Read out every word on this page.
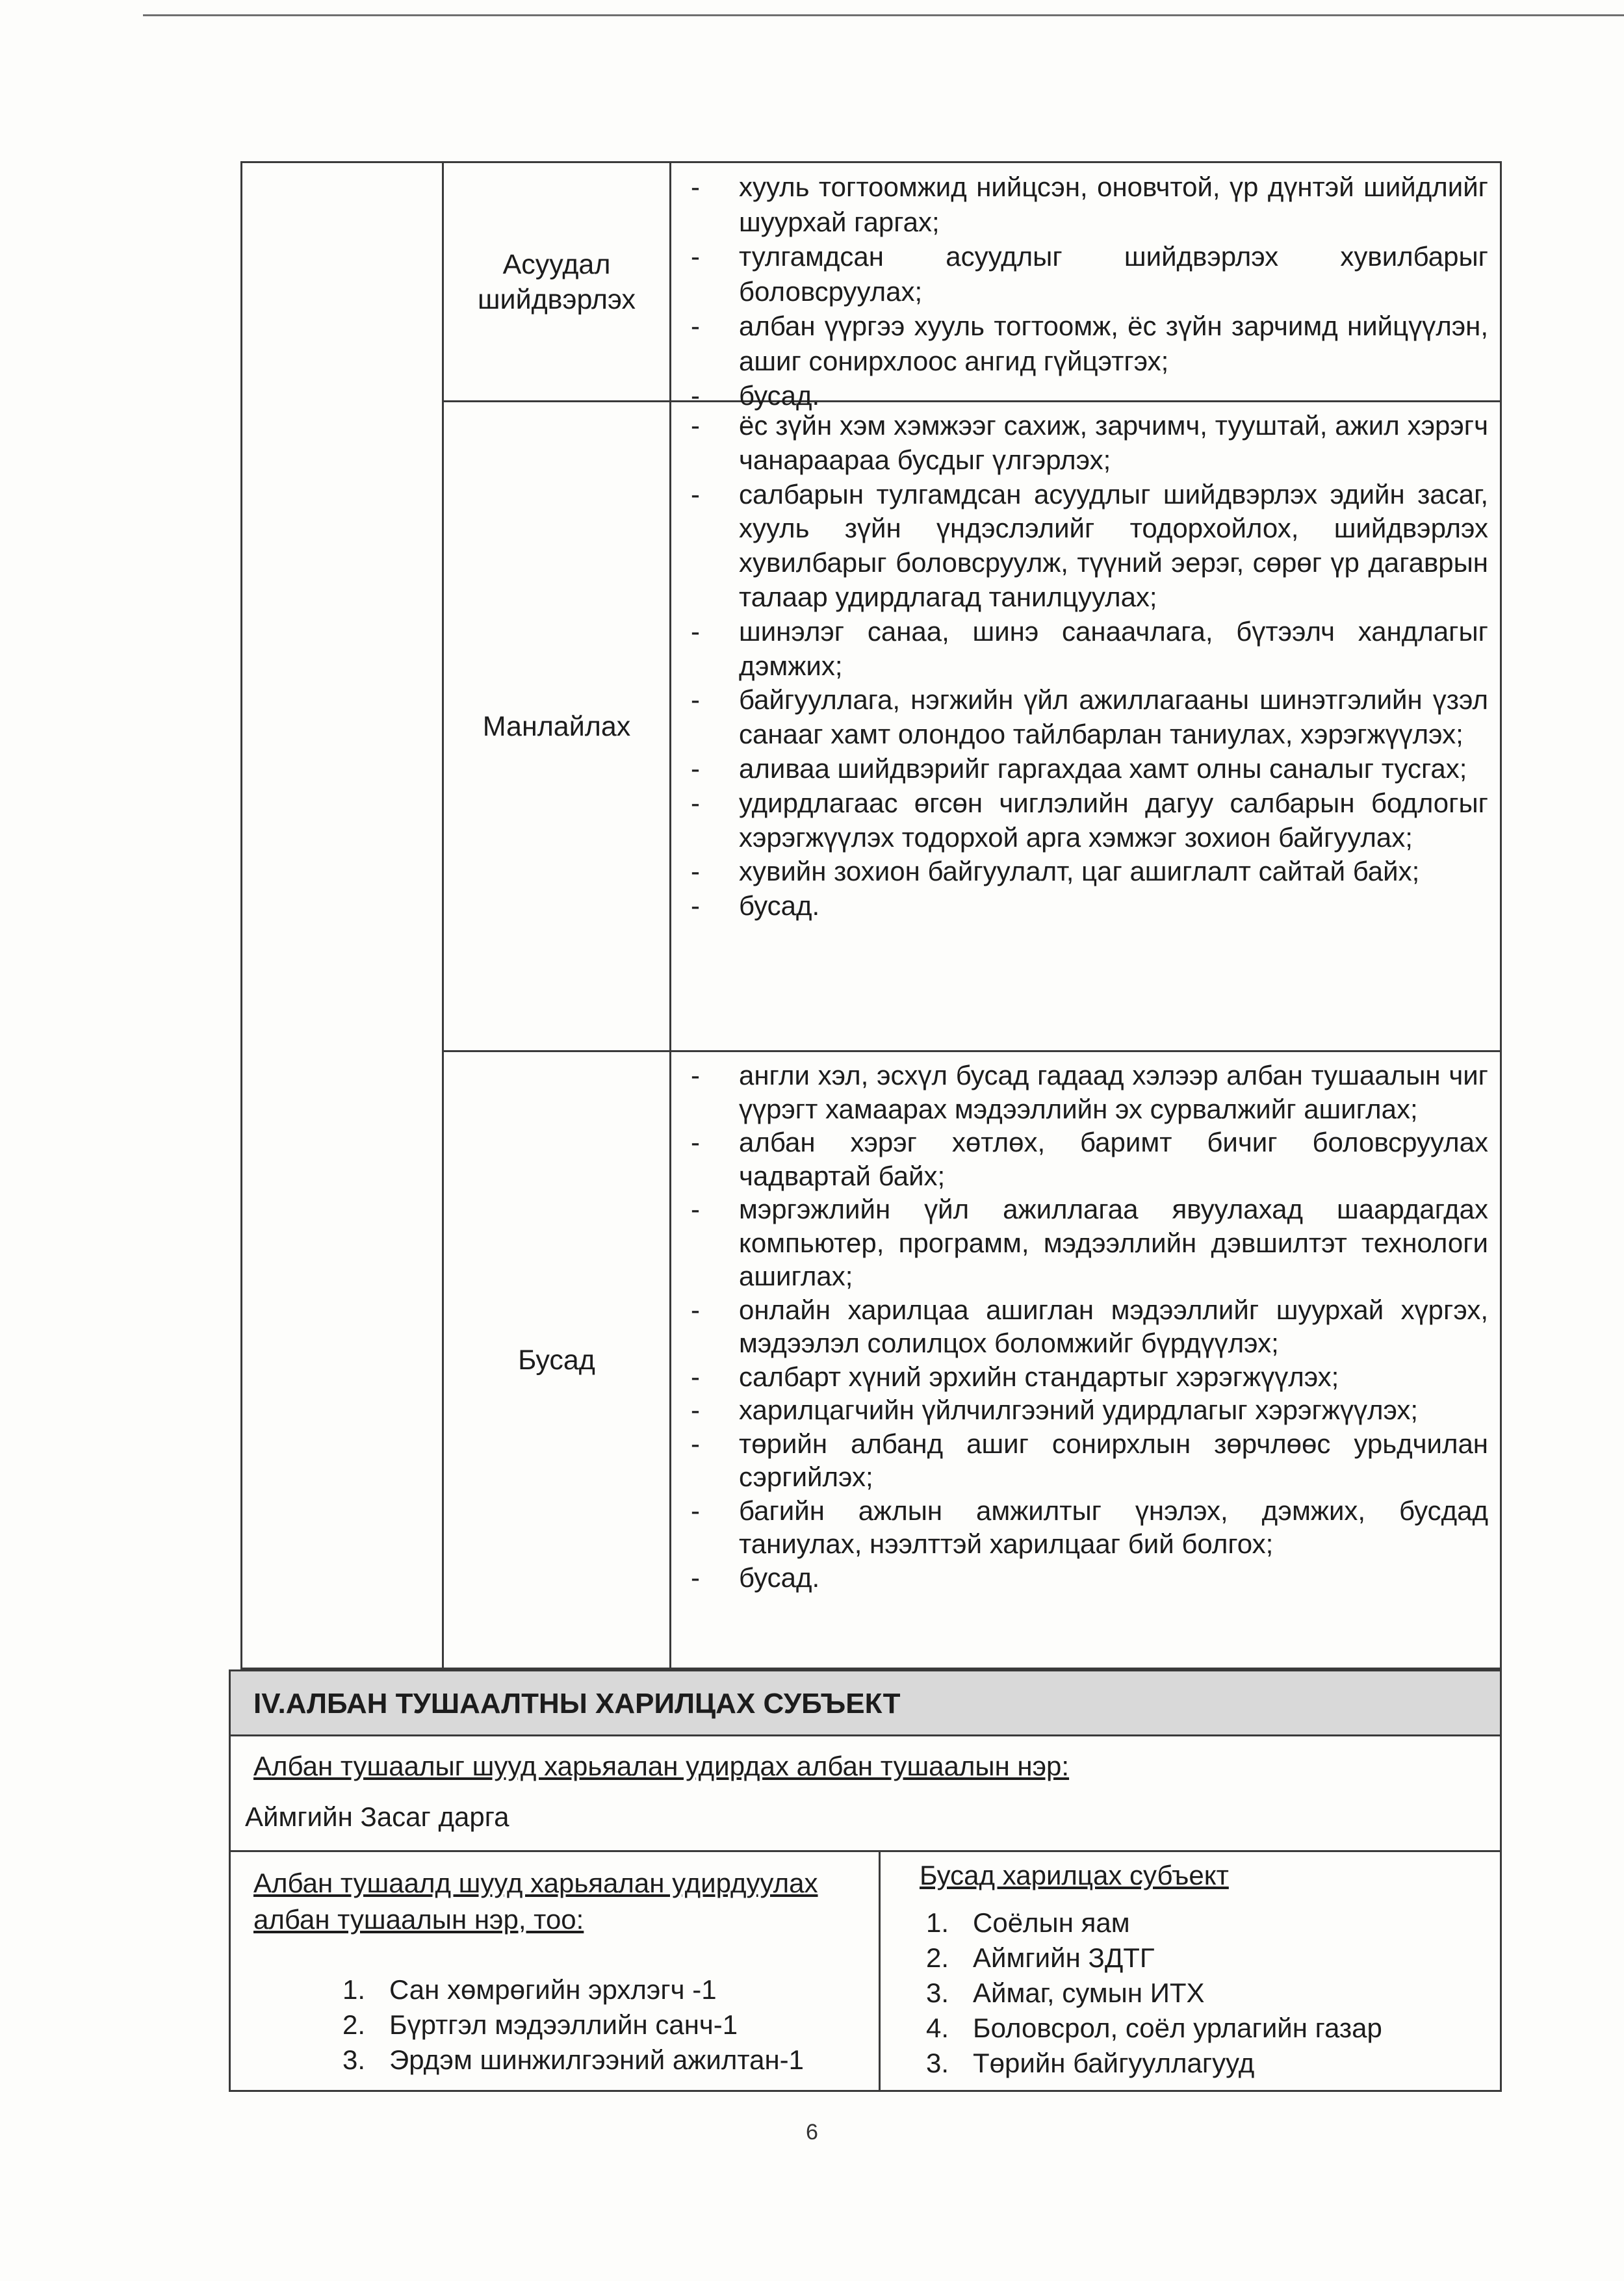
Асуудал шийдвэрлэх
-	хууль тогтоомжид нийцсэн, оновчтой, үр дүнтэй шийдлийг шуурхай гаргах;
-	тулгамдсан асуудлыг шийдвэрлэх хувилбарыг боловсруулах;
-	албан үүргээ хууль тогтоомж, ёс зүйн зарчимд нийцүүлэн, ашиг сонирхлоос ангид гүйцэтгэх;
-	бусад.
Манлайлах
-	ёс зүйн хэм хэмжээг сахиж, зарчимч, тууштай, ажил хэрэгч чанараараа бусдыг үлгэрлэх;
-	салбарын тулгамдсан асуудлыг шийдвэрлэх эдийн засаг, хууль зүйн үндэслэлийг тодорхойлох, шийдвэрлэх хувилбарыг боловсруулж, түүний эерэг, сөрөг үр дагаврын талаар удирдлагад танилцуулах;
-	шинэлэг санаа, шинэ санаачлага, бүтээлч хандлагыг дэмжих;
-	байгууллага, нэгжийн үйл ажиллагааны шинэтгэлийн үзэл санааг хамт олондоо тайлбарлан таниулах, хэрэгжүүлэх;
-	аливаа шийдвэрийг гаргахдаа хамт олны саналыг тусгах;
-	удирдлагаас өгсөн чиглэлийн дагуу салбарын бодлогыг хэрэгжүүлэх тодорхой арга хэмжэг зохион байгуулах;
-	хувийн зохион байгуулалт, цаг ашиглалт сайтай байх;
-	бусад.
Бусад
-	англи хэл, эсхүл бусад гадаад хэлээр албан тушаалын чиг үүрэгт хамаарах мэдээллийн эх сурвалжийг ашиглах;
-	албан хэрэг хөтлөх, баримт бичиг боловсруулах чадвартай байх;
-	мэргэжлийн үйл ажиллагаа явуулахад шаардагдах компьютер, программ, мэдээллийн дэвшилтэт технологи ашиглах;
-	онлайн харилцаа ашиглан мэдээллийг шуурхай хүргэх, мэдээлэл солилцох боломжийг бүрдүүлэх;
-	салбарт хүний эрхийн стандартыг хэрэгжүүлэх;
-	харилцагчийн үйлчилгээний удирдлагыг хэрэгжүүлэх;
-	төрийн албанд ашиг сонирхлын зөрчлөөс урьдчилан сэргийлэх;
-	багийн ажлын амжилтыг үнэлэх, дэмжих, бусдад таниулах, нээлттэй харилцааг бий болгох;
-	бусад.
IV.АЛБАН ТУШААЛТНЫ ХАРИЛЦАХ СУБЪЕКТ
Албан тушаалыг шууд харьяалан удирдах албан тушаалын нэр:
Аймгийн Засаг дарга
Албан тушаалд шууд харьяалан удирдуулах албан тушаалын нэр, тоо:
1. Сан хөмрөгийн эрхлэгч -1
2. Бүртгэл мэдээллийн санч-1
3. Эрдэм шинжилгээний ажилтан-1
Бусад харилцах субъект
1. Соёлын яам
2. Аймгийн ЗДТГ
3. Аймаг, сумын ИТХ
4. Боловсрол, соёл урлагийн газар
3. Төрийн байгууллагууд
6
